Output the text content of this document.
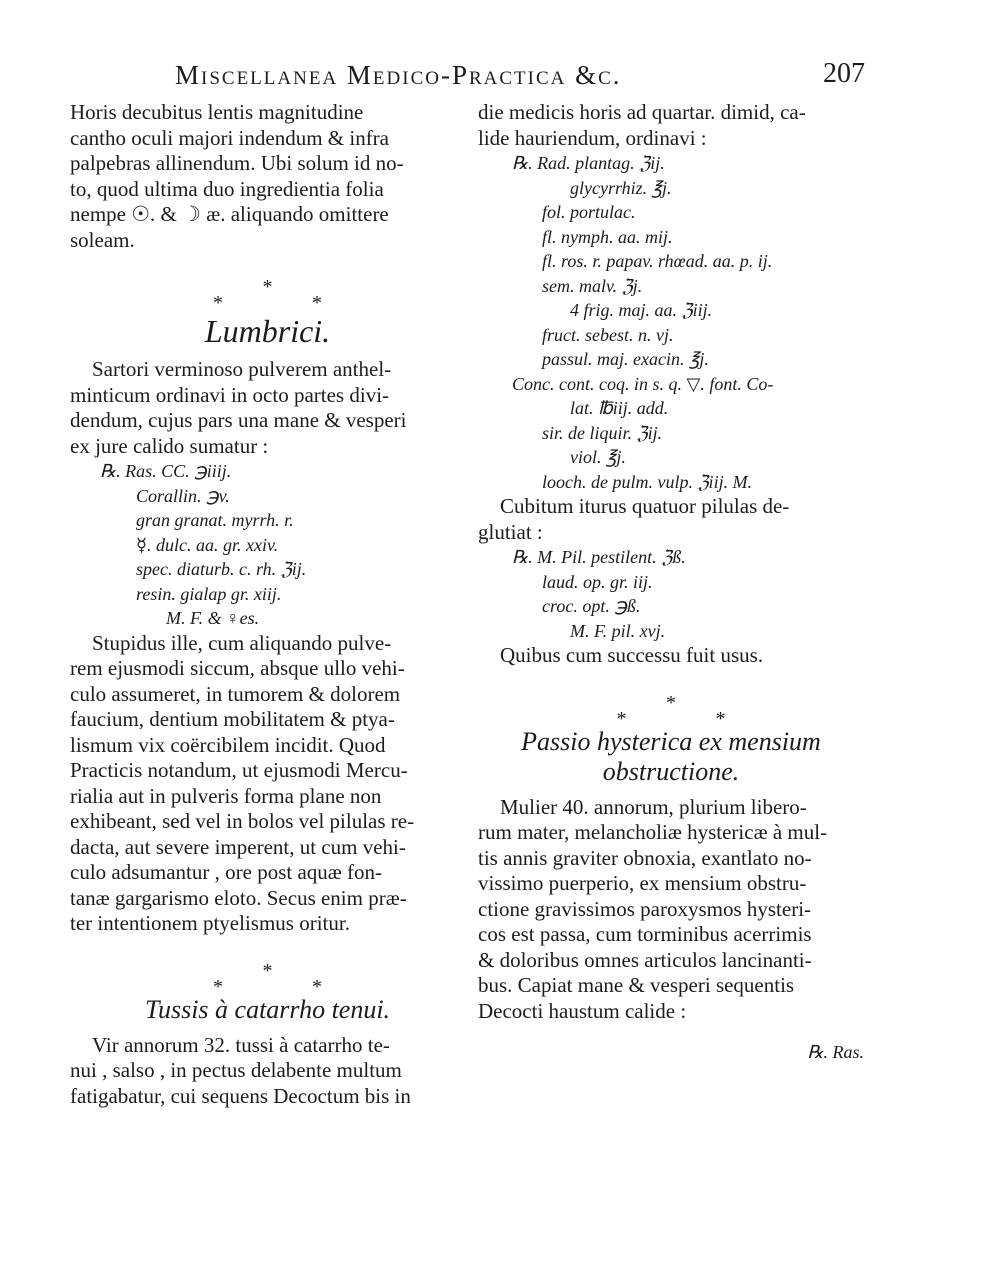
Miscellanea Medico-Practica &c.	207
Horis decubitus lentis magnitudine
cantho oculi majori indendum & infra
palpebras allinendum. Ubi solum id no-
to, quod ultima duo ingredientia folia
nempe ☉. & ☽ æ. aliquando omittere
soleam.
*
* *
Lumbrici.
Sartori verminoso pulverem anthel-
minticum ordinavi in octo partes divi-
dendum, cujus pars una mane & vesperi
ex jure calido sumatur :
℞. Ras. CC. ℈iiij.
Corallin. ℈v.
gran granat. myrrh. r.
☿. dulc. aa. gr. xxiv.
spec. diaturb. c. rh. ℨij.
resin. gialap gr. xiij.
M. F. & ♀es.
Stupidus ille, cum aliquando pulve-
rem ejusmodi siccum, absque ullo vehi-
culo assumeret, in tumorem & dolorem
faucium, dentium mobilitatem & ptya-
lismum vix coërcibilem incidit. Quod
Practicis notandum, ut ejusmodi Mercu-
rialia aut in pulveris forma plane non
exhibeant, sed vel in bolos vel pilulas re-
dacta, aut severe imperent, ut cum vehi-
culo adsumantur , ore post aquæ fon-
tanæ gargarismo eloto. Secus enim præ-
ter intentionem ptyelismus oritur.
*
* *
Tussis à catarrho tenui.
Vir annorum 32. tussi à catarrho te-
nui , salso , in pectus delabente multum
fatigabatur, cui sequens Decoctum bis in
die medicis horis ad quartar. dimid, ca-
lide hauriendum, ordinavi :
℞. Rad. plantag. ℨij.
glycyrrhiz. ℥j.
fol. portulac.
fl. nymph. aa. mij.
fl. ros. r. papav. rhœad. aa. p. ij.
sem. malv. ℨj.
4 frig. maj. aa. ℨiij.
fruct. sebest. n. vj.
passul. maj. exacin. ℥j.
Conc. cont. coq. in s. q. ▽. font. Co-
lat. ℔iij. add.
sir. de liquir. ℨij.
viol. ℥j.
looch. de pulm. vulp. ℨiij. M.
Cubitum iturus quatuor pilulas de-
glutiat :
℞. M. Pil. pestilent. ℨß.
laud. op. gr. iij.
croc. opt. ℈ß.
M. F. pil. xvj.
Quibus cum successu fuit usus.
*
* *
Passio hysterica ex mensium
obstructione.
Mulier 40. annorum, plurium libero-
rum mater, melancholiæ hystericæ à mul-
tis annis graviter obnoxia, exantlato no-
vissimo puerperio, ex mensium obstru-
ctione gravissimos paroxysmos hysteri-
cos est passa, cum torminibus acerrimis
& doloribus omnes articulos lancinanti-
bus. Capiat mane & vesperi sequentis
Decocti haustum calide :
℞. Ras.
